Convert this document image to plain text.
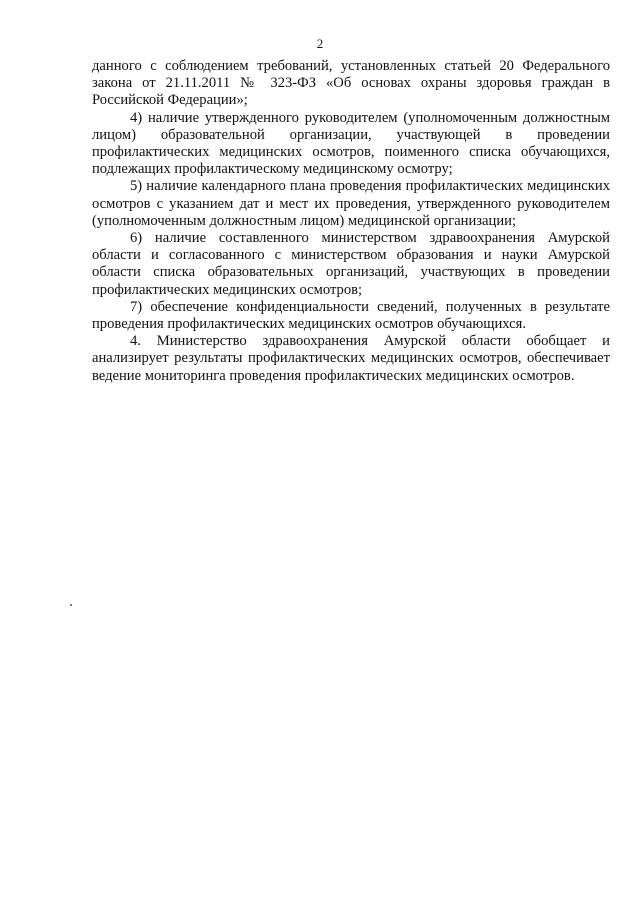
2

данного с соблюдением требований, установленных статьей 20 Федерального закона от 21.11.2011 № 323-ФЗ «Об основах охраны здоровья граждан в Российской Федерации»;

4) наличие утвержденного руководителем (уполномоченным должностным лицом) образовательной организации, участвующей в проведении профилактических медицинских осмотров, поименного списка обучающихся, подлежащих профилактическому медицинскому осмотру;

5) наличие календарного плана проведения профилактических медицинских осмотров с указанием дат и мест их проведения, утвержденного руководителем (уполномоченным должностным лицом) медицинской организации;

6) наличие составленного министерством здравоохранения Амурской области и согласованного с министерством образования и науки Амурской области списка образовательных организаций, участвующих в проведении профилактических медицинских осмотров;

7) обеспечение конфиденциальности сведений, полученных в результате проведения профилактических медицинских осмотров обучающихся.

4. Министерство здравоохранения Амурской области обобщает и анализирует результаты профилактических медицинских осмотров, обеспечивает ведение мониторинга проведения профилактических медицинских осмотров.
